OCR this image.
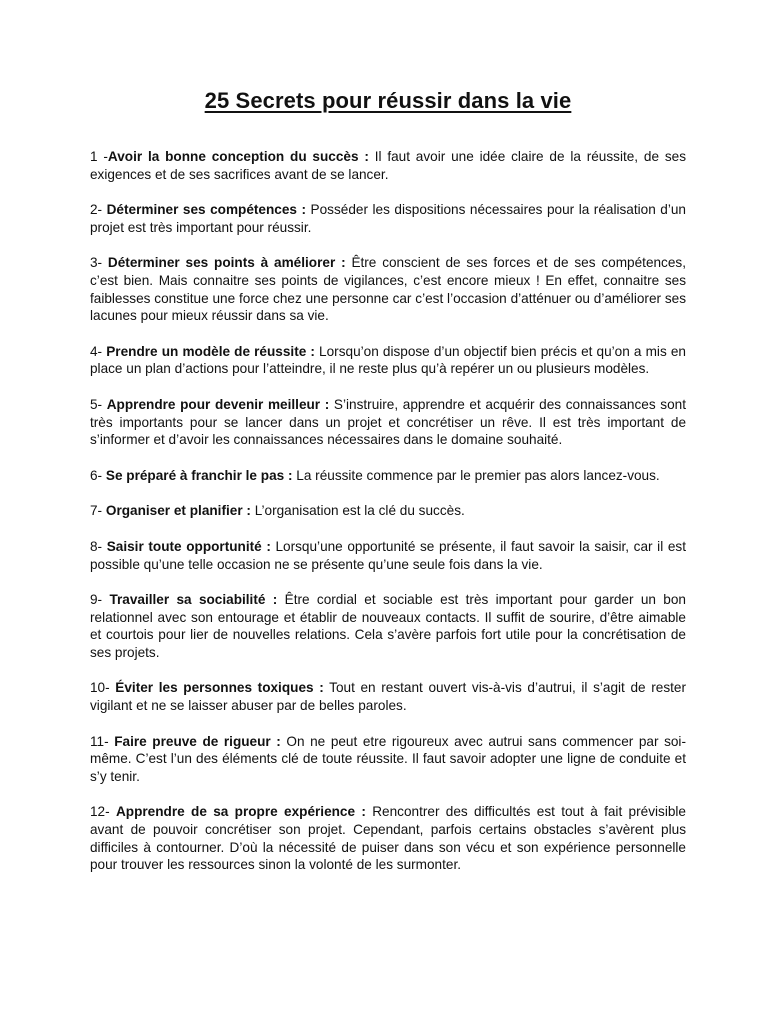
25 Secrets pour réussir dans la vie

1 -Avoir la bonne conception du succès : Il faut avoir une idée claire de la réussite, de ses exigences et de ses sacrifices avant de se lancer.

2- Déterminer ses compétences : Posséder les dispositions nécessaires pour la réalisation d’un projet est très important pour réussir.

3- Déterminer ses points à améliorer : Être conscient de ses forces et de ses compétences, c’est bien. Mais connaitre ses points de vigilances, c’est encore mieux ! En effet, connaitre ses faiblesses constitue une force chez une personne car c’est l’occasion d’atténuer ou d’améliorer ses lacunes pour mieux réussir dans sa vie.

4- Prendre un modèle de réussite : Lorsqu’on dispose d’un objectif bien précis et qu’on a mis en place un plan d’actions pour l’atteindre, il ne reste plus qu’à repérer un ou plusieurs modèles.

5- Apprendre pour devenir meilleur : S’instruire, apprendre et acquérir des connaissances sont très importants pour se lancer dans un projet et concrétiser un rêve. Il est très important de s’informer et d’avoir les connaissances nécessaires dans le domaine souhaité.

6- Se préparé à franchir le pas : La réussite commence par le premier pas alors lancez-vous.

7- Organiser et planifier : L’organisation est la clé du succès.

8- Saisir toute opportunité : Lorsqu’une opportunité se présente, il faut savoir la saisir, car il est possible qu’une telle occasion ne se présente qu’une seule fois dans la vie.

9- Travailler sa sociabilité : Être cordial et sociable est très important pour garder un bon relationnel avec son entourage et établir de nouveaux contacts. Il suffit de sourire, d’être aimable et courtois pour lier de nouvelles relations. Cela s’avère parfois fort utile pour la concrétisation de ses projets.

10- Éviter les personnes toxiques : Tout en restant ouvert vis-à-vis d’autrui, il s’agit de rester vigilant et ne se laisser abuser par de belles paroles.

11- Faire preuve de rigueur : On ne peut etre rigoureux avec autrui sans commencer par soi-même. C’est l’un des éléments clé de toute réussite. Il faut savoir adopter une ligne de conduite et s’y tenir.

12- Apprendre de sa propre expérience : Rencontrer des difficultés est tout à fait prévisible avant de pouvoir concrétiser son projet. Cependant, parfois certains obstacles s’avèrent plus difficiles à contourner. D’où la nécessité de puiser dans son vécu et son expérience personnelle pour trouver les ressources sinon la volonté de les surmonter.
